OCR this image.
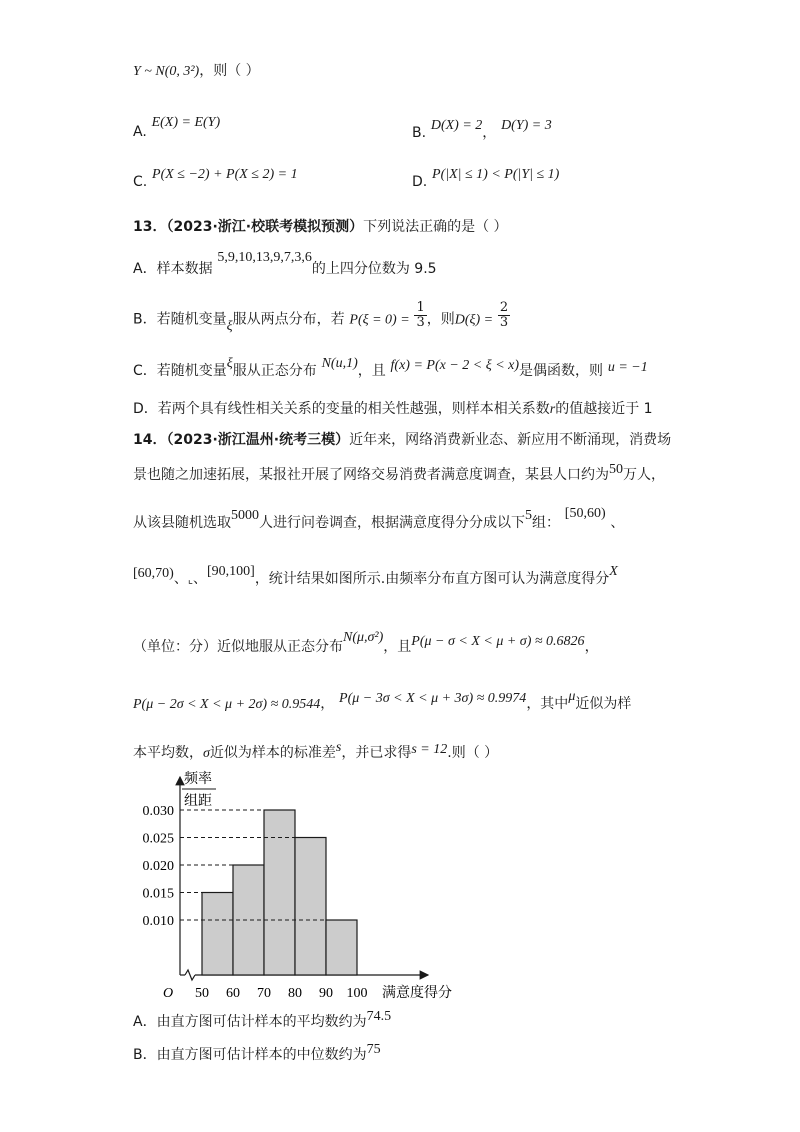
Y ~ N(0, 3²)，则（ ）
A. E(X) = E(Y)
B. D(X) = 2， D(Y) = 3
C. P(X ≤ −2) + P(X ≤ 2) = 1	D. P(|X| ≤ 1) < P(|Y| ≤ 1)
13．（2023·浙江·校联考模拟预测）下列说法正确的是（ ）
A．样本数据 5,9,10,13,9,7,3,6的上四分位数为 9.5
B．若随机变量ξ服从两点分布，若 $P(\xi = 0) = \frac{1}{3}$ ，则$D(\xi) = \frac{2}{3}$
C．若随机变量ξ服从正态分布 N(u,1)，且 f(x) = P(x − 2 < ξ < x)是偶函数，则 u = −1
D．若两个具有线性相关关系的变量的相关性越强，则样本相关系数r的值越接近于 1
14．（2023·浙江温州·统考三模）近年来，网络消费新业态、新应用不断涌现，消费场
景也随之加速拓展，某报社开展了网络交易消费者满意度调查，某县人口约为50万人，
从该县随机选取5000人进行问卷调查，根据满意度得分分成以下5组： [50,60) 、
[60,70)、⌞、[90,100]，统计结果如图所示.由频率分布直方图可认为满意度得分X
（单位：分）近似地服从正态分布N(μ,σ²)，且P(μ − σ < X < μ + σ) ≈ 0.6826，
P(μ − 2σ < X < μ + 2σ) ≈ 0.9544， P(μ − 3σ < X < μ + 3σ) ≈ 0.9974，其中μ近似为样
本平均数，σ近似为样本的标准差s，并已求得s = 12.则（ ）
0.030
0.025
0.020
0.015
0.010
50 60 70 80 90 100
O
频率
组距
满意度得分
A．由直方图可估计样本的平均数约为74.5
B．由直方图可估计样本的中位数约为75
